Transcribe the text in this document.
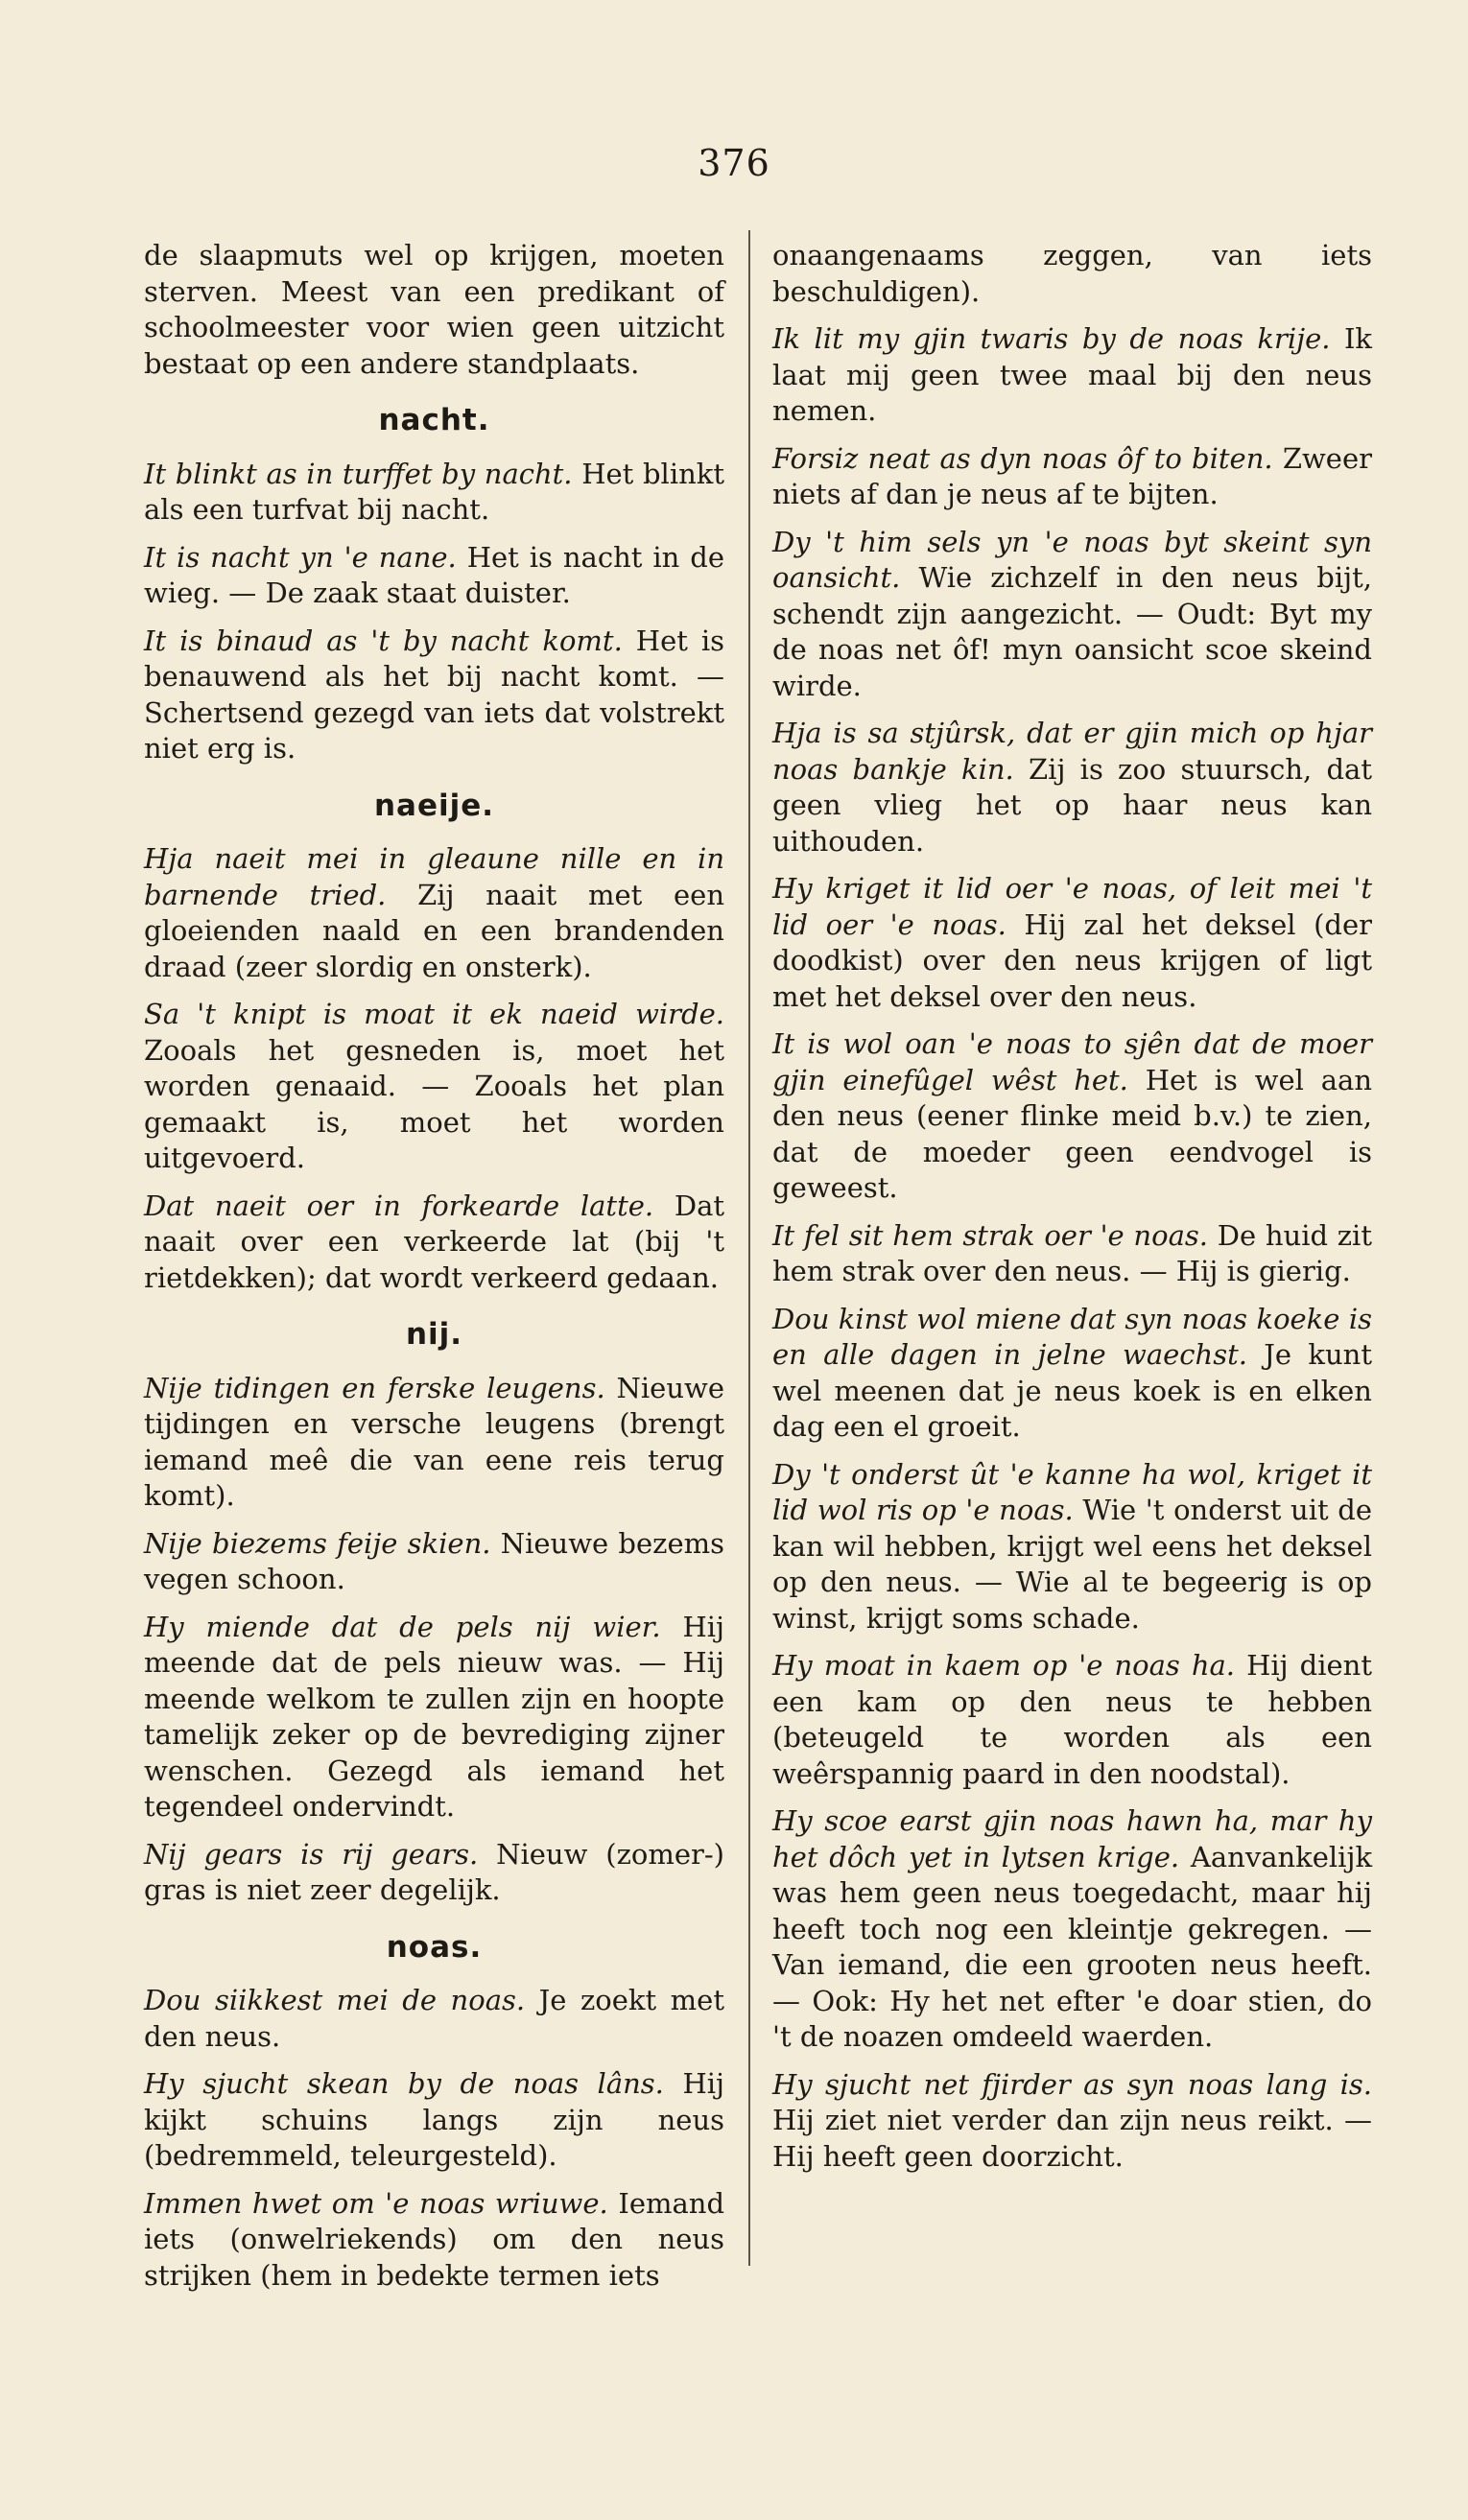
376
de slaapmuts wel op krijgen, moeten sterven. Meest van een predikant of schoolmeester voor wien geen uitzicht bestaat op een andere standplaats.
nacht.
It blinkt as in turffet by nacht. Het blinkt als een turfvat bij nacht.
It is nacht yn 'e nane. Het is nacht in de wieg. — De zaak staat duister.
It is binaud as 't by nacht komt. Het is benauwend als het bij nacht komt. — Schertsend gezegd van iets dat volstrekt niet erg is.
naeije.
Hja naeit mei in gleaune nille en in barnende tried. Zij naait met een gloeienden naald en een brandenden draad (zeer slordig en onsterk).
Sa 't knipt is moat it ek naeid wirde. Zooals het gesneden is, moet het worden genaaid. — Zooals het plan gemaakt is, moet het worden uitgevoerd.
Dat naeit oer in forkearde latte. Dat naait over een verkeerde lat (bij 't rietdekken); dat wordt verkeerd gedaan.
nij.
Nije tidingen en ferske leugens. Nieuwe tijdingen en versche leugens (brengt iemand meê die van eene reis terug komt).
Nije biezems feije skien. Nieuwe bezems vegen schoon.
Hy miende dat de pels nij wier. Hij meende dat de pels nieuw was. — Hij meende welkom te zullen zijn en hoopte tamelijk zeker op de bevrediging zijner wenschen. Gezegd als iemand het tegendeel ondervindt.
Nij gears is rij gears. Nieuw (zomer-) gras is niet zeer degelijk.
noas.
Dou siikkest mei de noas. Je zoekt met den neus.
Hy sjucht skean by de noas lâns. Hij kijkt schuins langs zijn neus (bedremmeld, teleurgesteld).
Immen hwet om 'e noas wriuwe. Iemand iets (onwelriekends) om den neus strijken (hem in bedekte termen iets
onaangenaams zeggen, van iets beschuldigen).
Ik lit my gjin twaris by de noas krije. Ik laat mij geen twee maal bij den neus nemen.
Forsiz neat as dyn noas ôf to biten. Zweer niets af dan je neus af te bijten.
Dy 't him sels yn 'e noas byt skeint syn oansicht. Wie zichzelf in den neus bijt, schendt zijn aangezicht. — Oudt: Byt my de noas net ôf! myn oansicht scoe skeind wirde.
Hja is sa stjûrsk, dat er gjin mich op hjar noas bankje kin. Zij is zoo stuursch, dat geen vlieg het op haar neus kan uithouden.
Hy kriget it lid oer 'e noas, of leit mei 't lid oer 'e noas. Hij zal het deksel (der doodkist) over den neus krijgen of ligt met het deksel over den neus.
It is wol oan 'e noas to sjên dat de moer gjin einefûgel wêst het. Het is wel aan den neus (eener flinke meid b.v.) te zien, dat de moeder geen eendvogel is geweest.
It fel sit hem strak oer 'e noas. De huid zit hem strak over den neus. — Hij is gierig.
Dou kinst wol miene dat syn noas koeke is en alle dagen in jelne waechst. Je kunt wel meenen dat je neus koek is en elken dag een el groeit.
Dy 't onderst ût 'e kanne ha wol, kriget it lid wol ris op 'e noas. Wie 't onderst uit de kan wil hebben, krijgt wel eens het deksel op den neus. — Wie al te begeerig is op winst, krijgt soms schade.
Hy moat in kaem op 'e noas ha. Hij dient een kam op den neus te hebben (beteugeld te worden als een weêrspannig paard in den noodstal).
Hy scoe earst gjin noas hawn ha, mar hy het dôch yet in lytsen krige. Aanvankelijk was hem geen neus toegedacht, maar hij heeft toch nog een kleintje gekregen. — Van iemand, die een grooten neus heeft. — Ook: Hy het net efter 'e doar stien, do 't de noazen omdeeld waerden.
Hy sjucht net fjirder as syn noas lang is. Hij ziet niet verder dan zijn neus reikt. — Hij heeft geen doorzicht.
